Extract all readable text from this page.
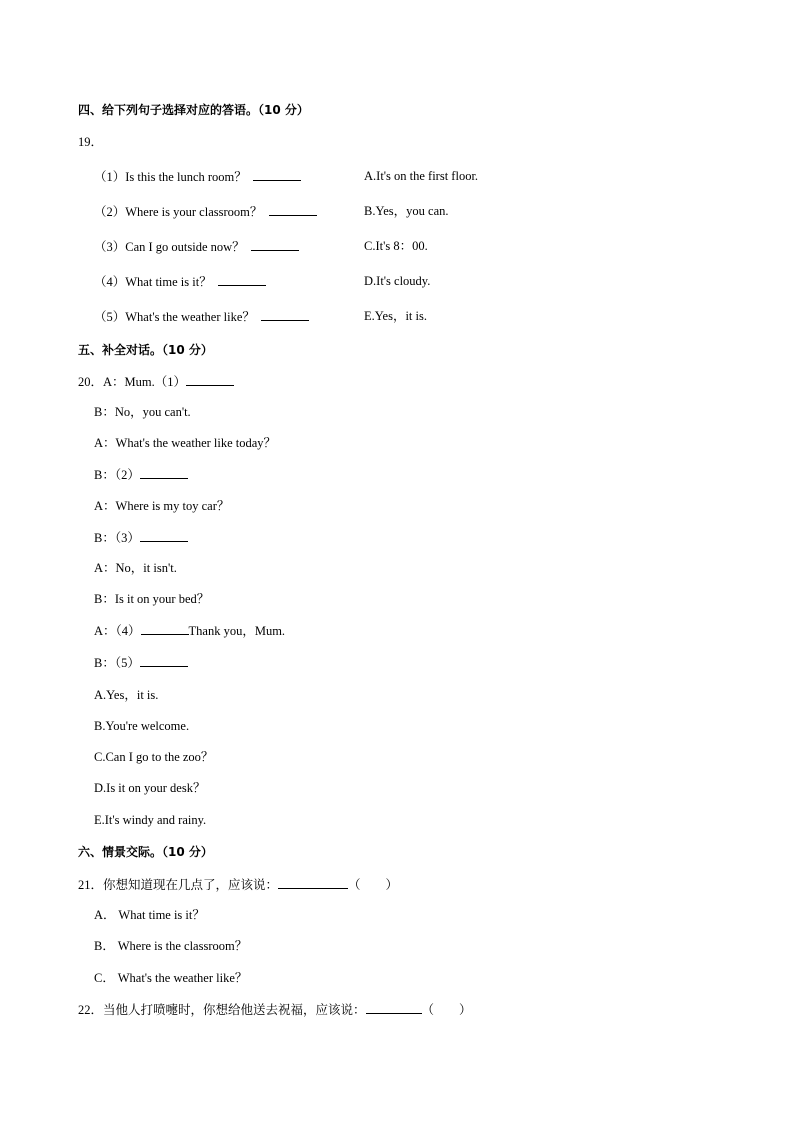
四、给下列句子选择对应的答语。（10 分）
19．
（1）Is this the lunch room？	A.It's on the first floor.
（2）Where is your classroom？	B.Yes，you can.
（3）Can I go outside now？	C.It's 8：00.
（4）What time is it？	D.It's cloudy.
（5）What's the weather like？	E.Yes，it is.
五、补全对话。（10 分）
20．A：Mum.（1）
B：No，you can't.
A：What's the weather like today？
B：（2）
A：Where is my toy car？
B：（3）
A：No，it isn't.
B：Is it on your bed？
A：（4）	Thank you，Mum.
B：（5）
A.Yes，it is.
B.You're welcome.
C.Can I go to the zoo？
D.Is it on your desk？
E.It's windy and rainy.
六、情景交际。（10 分）
21．你想知道现在几点了，应该说：	（　　）
A． What time is it？
B． Where is the classroom？
C． What's the weather like？
22．当他人打喷嚏时，你想给他送去祝福，应该说：	（　　）
